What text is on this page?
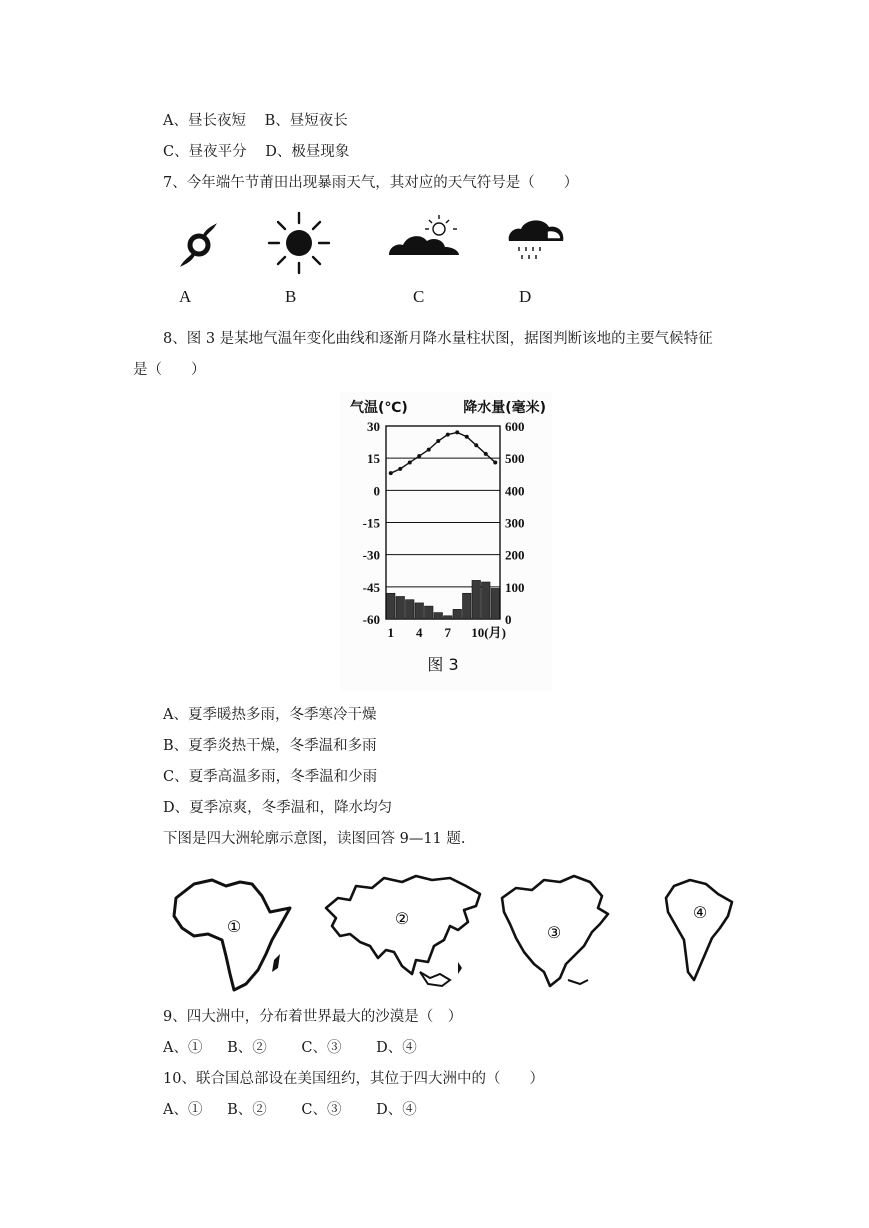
A、昼长夜短 B、昼短夜长
C、昼夜平分 D、极昼现象
7、今年端午节莆田出现暴雨天气，其对应的天气符号是（　　）
A	B	C	D
8、图 3 是某地气温年变化曲线和逐渐月降水量柱状图，据图判断该地的主要气候特征
是（　　）
30
15
0
-15
-30
-45
-60
600
500
400
300
200
100
0
1 4 7 10(月)
气温(℃)	降水量(毫米)
图 3
A、夏季暖热多雨，冬季寒冷干燥
B、夏季炎热干燥，冬季温和多雨
C、夏季高温多雨，冬季温和少雨
D、夏季凉爽，冬季温和，降水均匀
下图是四大洲轮廓示意图，读图回答 9—11 题.
①	②
③
④
9、四大洲中，分布着世界最大的沙漠是（　）
A、① B、② C、③ D、④
10、联合国总部设在美国纽约，其位于四大洲中的（　　）
A、① B、② C、③ D、④
